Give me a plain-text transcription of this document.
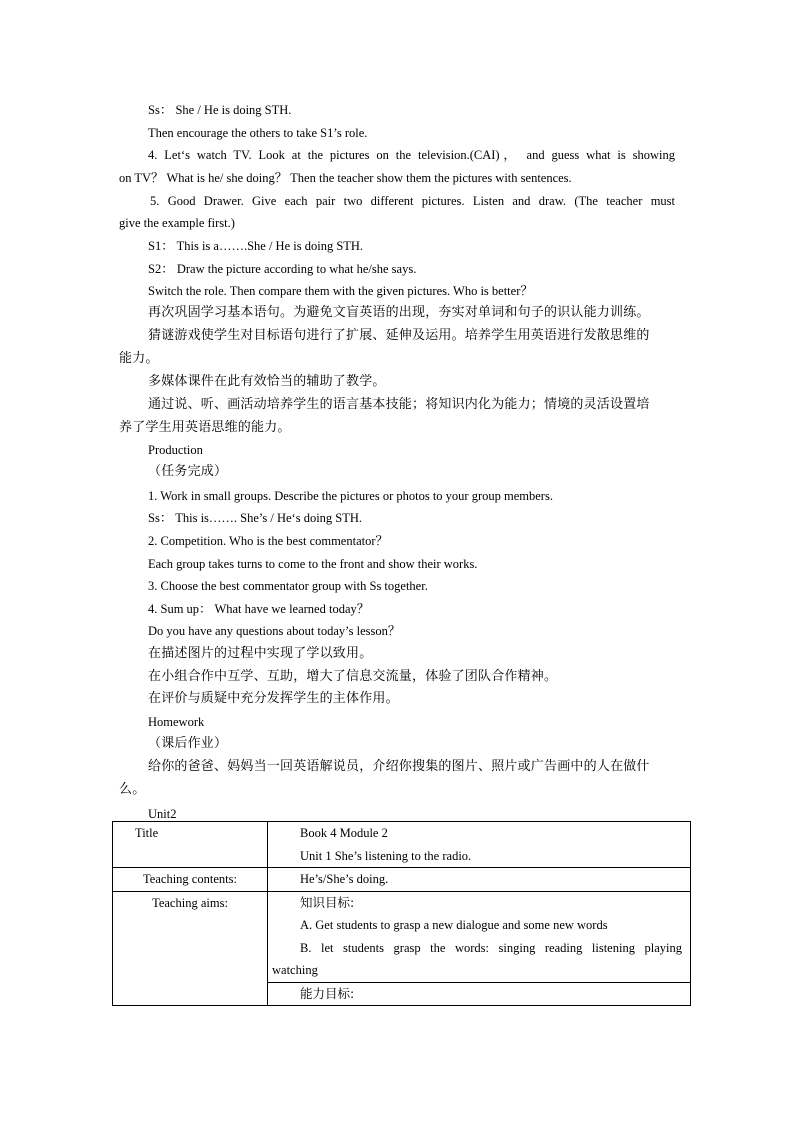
Ss： She / He is doing STH.
Then encourage the others to take S1’s role.
4. Let‘s watch TV. Look at the pictures on the television.(CAI)， and guess what is showing
on TV？ What is he/ she doing？ Then the teacher show them the pictures with sentences.
5. Good Drawer. Give each pair two different pictures. Listen and draw. (The teacher must
give the example first.)
S1： This is a…….She / He is doing STH.
S2： Draw the picture according to what he/she says.
Switch the role. Then compare them with the given pictures. Who is better？
再次巩固学习基本语句。为避免文盲英语的出现，夯实对单词和句子的识认能力训练。
猜谜游戏使学生对目标语句进行了扩展、延伸及运用。培养学生用英语进行发散思维的
能力。
多媒体课件在此有效恰当的辅助了教学。
通过说、听、画活动培养学生的语言基本技能；将知识内化为能力；情境的灵活设置培
养了学生用英语思维的能力。
Production
（任务完成）
1. Work in small groups. Describe the pictures or photos to your group members.
Ss： This is……. She’s / He‘s doing STH.
2. Competition. Who is the best commentator？
Each group takes turns to come to the front and show their works.
3. Choose the best commentator group with Ss together.
4. Sum up： What have we learned today？
Do you have any questions about today’s lesson？
在描述图片的过程中实现了学以致用。
在小组合作中互学、互助，增大了信息交流量，体验了团队合作精神。
在评价与质疑中充分发挥学生的主体作用。
Homework
（课后作业）
给你的爸爸、妈妈当一回英语解说员，介绍你搜集的图片、照片或广告画中的人在做什
么。
Unit2
Title	Book 4 Module 2
Unit 1 She’s listening to the radio.

Teaching contents:	He’s/She’s doing.

Teaching aims:	知识目标:
A. Get students to grasp a new dialogue and some new words
B. let students grasp the words: singing reading listening playing
watching

	能力目标:
